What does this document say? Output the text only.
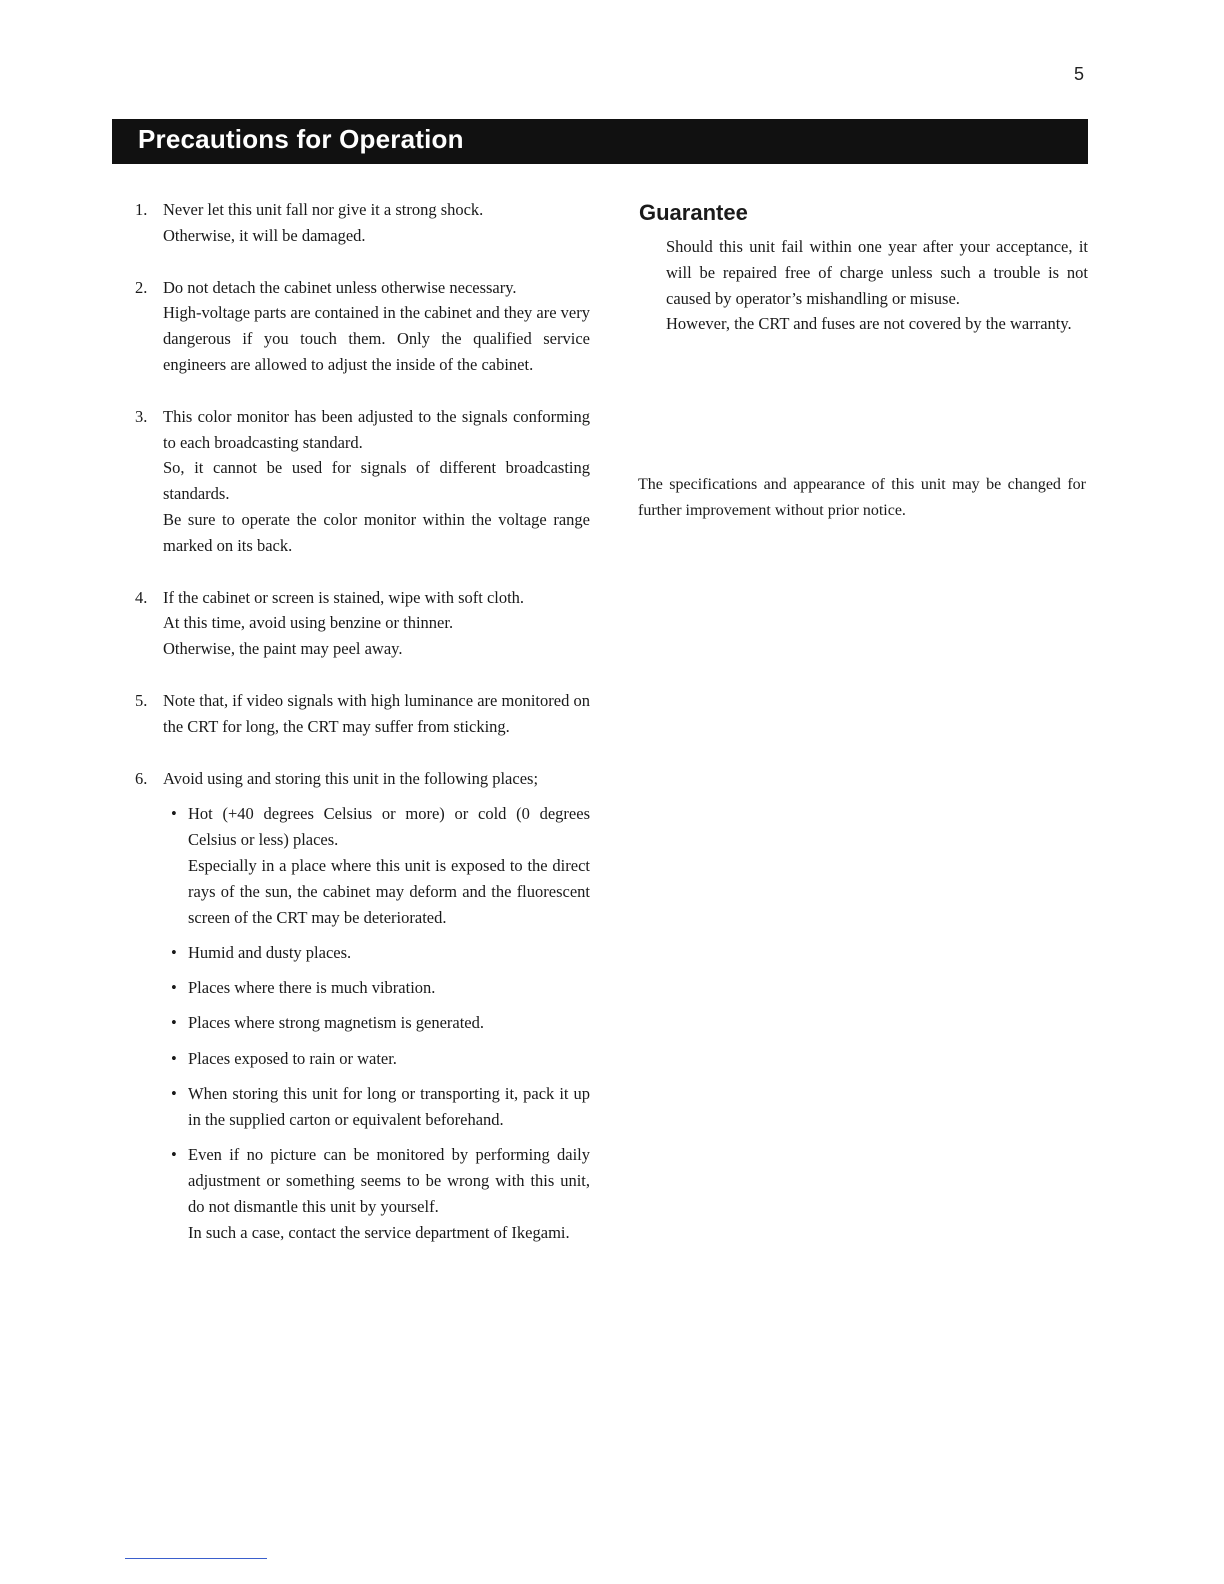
5
Precautions for Operation
1. Never let this unit fall nor give it a strong shock.

Otherwise, it will be damaged.

2. Do not detach the cabinet unless otherwise necessary.

High-voltage parts are contained in the cabinet and they are very dangerous if you touch them. Only the qualified service engineers are allowed to adjust the inside of the cabinet.

3. This color monitor has been adjusted to the signals conforming to each broadcasting standard.

So, it cannot be used for signals of different broadcasting standards.

Be sure to operate the color monitor within the voltage range marked on its back.

4. If the cabinet or screen is stained, wipe with soft cloth.

At this time, avoid using benzine or thinner.

Otherwise, the paint may peel away.

5. Note that, if video signals with high luminance are monitored on the CRT for long, the CRT may suffer from sticking.

6. Avoid using and storing this unit in the following places;

• Hot (+40 degrees Celsius or more) or cold (0 degrees Celsius or less) places.

Especially in a place where this unit is exposed to the direct rays of the sun, the cabinet may deform and the fluorescent screen of the CRT may be deteriorated.

• Humid and dusty places.

• Places where there is much vibration.

• Places where strong magnetism is generated.

• Places exposed to rain or water.

• When storing this unit for long or transporting it, pack it up in the supplied carton or equivalent beforehand.

• Even if no picture can be monitored by performing daily adjustment or something seems to be wrong with this unit, do not dismantle this unit by yourself.

In such a case, contact the service department of Ikegami.

Guarantee

Should this unit fail within one year after your acceptance, it will be repaired free of charge unless such a trouble is not caused by operator’s mishandling or misuse.

However, the CRT and fuses are not covered by the warranty.

The specifications and appearance of this unit may be changed for further improvement without prior notice.
